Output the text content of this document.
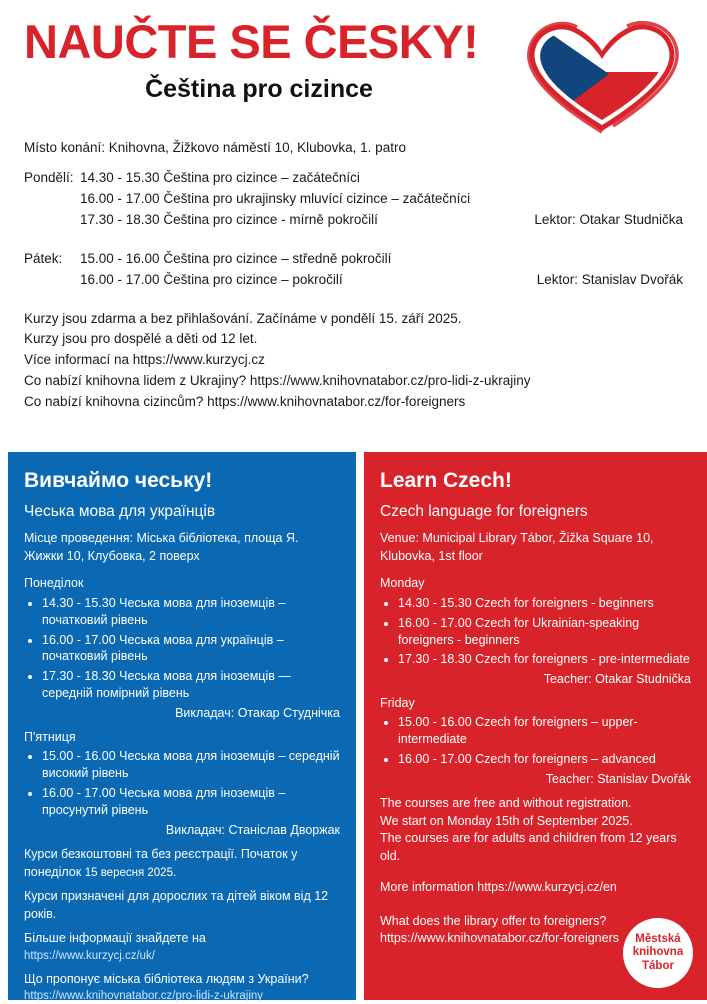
NAUČTE SE ČESKY!
Čeština pro cizince
Místo konání: Knihovna, Žižkovo náměstí 10, Klubovka, 1. patro
Pondělí: 14.30 - 15.30 Čeština pro cizince – začátečníci
16.00 - 17.00 Čeština pro ukrajinsky mluvící cizince – začátečníci
17.30 - 18.30 Čeština pro cizince - mírně pokročilí	Lektor: Otakar Studnička
Pátek: 15.00 - 16.00 Čeština pro cizince – středně pokročilí
16.00 - 17.00 Čeština pro cizince – pokročilí	Lektor: Stanislav Dvořák
Kurzy jsou zdarma a bez přihlašování. Začínáme v pondělí 15. září 2025.
Kurzy jsou pro dospělé a děti od 12 let.
Více informací na https://www.kurzycj.cz
Co nabízí knihovna lidem z Ukrajiny? https://www.knihovnatabor.cz/pro-lidi-z-ukrajiny
Co nabízí knihovna cizincům? https://www.knihovnatabor.cz/for-foreigners
Вивчаймо чеську!
Чеська мова для українців
Місце проведення: Міська бібліотека, площа Я. Жижки 10, Клубовка, 2 поверх
Понеділок
• 14.30 - 15.30 Чеська мова для іноземців – початковий рівень
• 16.00 - 17.00 Чеська мова для українців – початковий рівень
• 17.30 - 18.30 Чеська мова для іноземців — середній помірний рівень
Викладач: Отакар Студнічка
П'ятниця
• 15.00 - 16.00 Чеська мова для іноземців – середній високий рівень
• 16.00 - 17.00 Чеська мова для іноземців – просунутий рівень
Викладач: Станіслав Дворжак
Курси безкоштовні та без реєстрації. Початок у понеділок 15 вересня 2025.
Курси призначені для дорослих та дітей віком від 12 років.
Більше інформації знайдете на
https://www.kurzycj.cz/uk/
Що пропонує міська бібліотека людям з України?
https://www.knihovnatabor.cz/pro-lidi-z-ukrajiny
Learn Czech!
Czech language for foreigners
Venue: Municipal Library Tábor, Žižka Square 10, Klubovka, 1st floor
Monday
• 14.30 - 15.30 Czech for foreigners - beginners
• 16.00 - 17.00 Czech for Ukrainian-speaking foreigners - beginners
• 17.30 - 18.30 Czech for foreigners - pre-intermediate
Teacher: Otakar Studnička
Friday
• 15.00 - 16.00 Czech for foreigners – upper-intermediate
• 16.00 - 17.00 Czech for foreigners – advanced
Teacher: Stanislav Dvořák
The courses are free and without registration.
We start on Monday 15th of September 2025.
The courses are for adults and children from 12 years old.
More information https://www.kurzycj.cz/en
What does the library offer to foreigners?
https://www.knihovnatabor.cz/for-foreigners	Městská
knihovna
Tábor
